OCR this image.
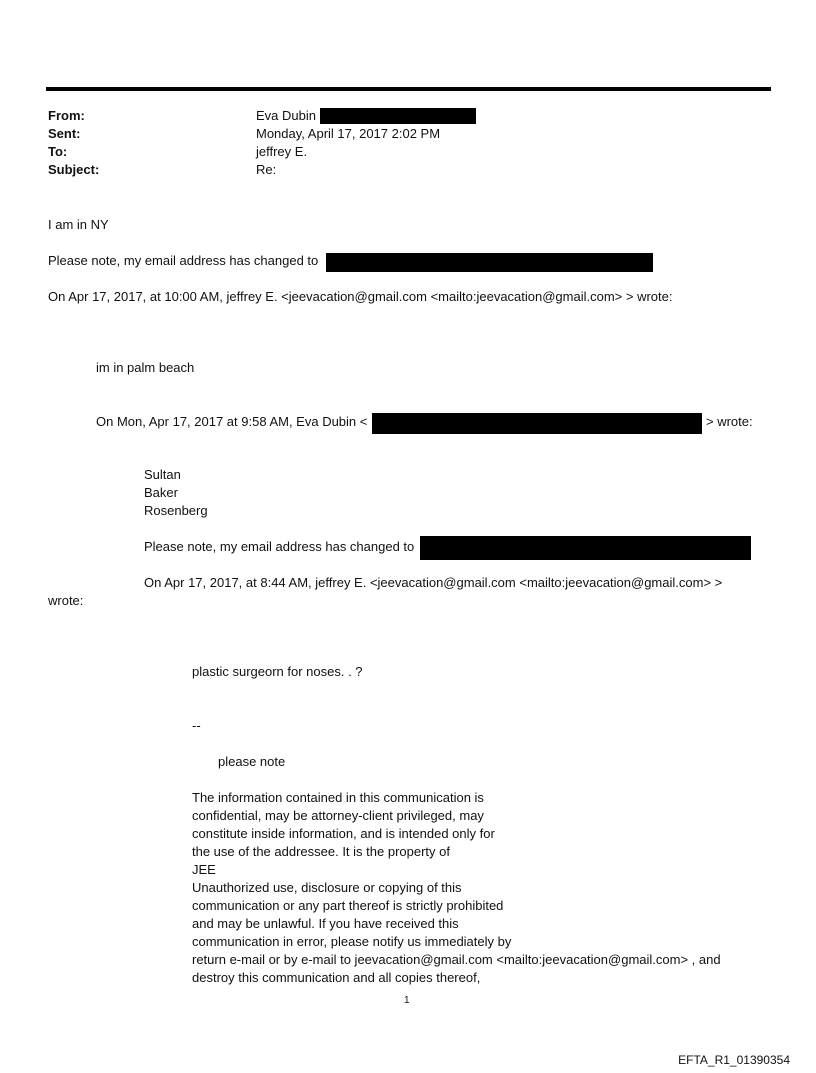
From:	Eva Dubin
Sent:	Monday, April 17, 2017 2:02 PM
To:	jeffrey E.
Subject:	Re:
I am in NY
Please note, my email address has changed to
On Apr 17, 2017, at 10:00 AM, jeffrey E. <jeevacation@gmail.com <mailto:jeevacation@gmail.com> > wrote:
im in palm beach
On Mon, Apr 17, 2017 at 9:58 AM, Eva Dubin <	> wrote:
Sultan
Baker
Rosenberg
Please note, my email address has changed to
On Apr 17, 2017, at 8:44 AM, jeffrey E. <jeevacation@gmail.com <mailto:jeevacation@gmail.com> >
wrote:
plastic surgeorn for noses. . ?
--
please note
The information contained in this communication is
confidential, may be attorney-client privileged, may
constitute inside information, and is intended only for
the use of the addressee. It is the property of
JEE
Unauthorized use, disclosure or copying of this
communication or any part thereof is strictly prohibited
and may be unlawful. If you have received this
communication in error, please notify us immediately by
return e-mail or by e-mail to jeevacation@gmail.com <mailto:jeevacation@gmail.com> , and
destroy this communication and all copies thereof,
1
EFTA_R1_01390354
